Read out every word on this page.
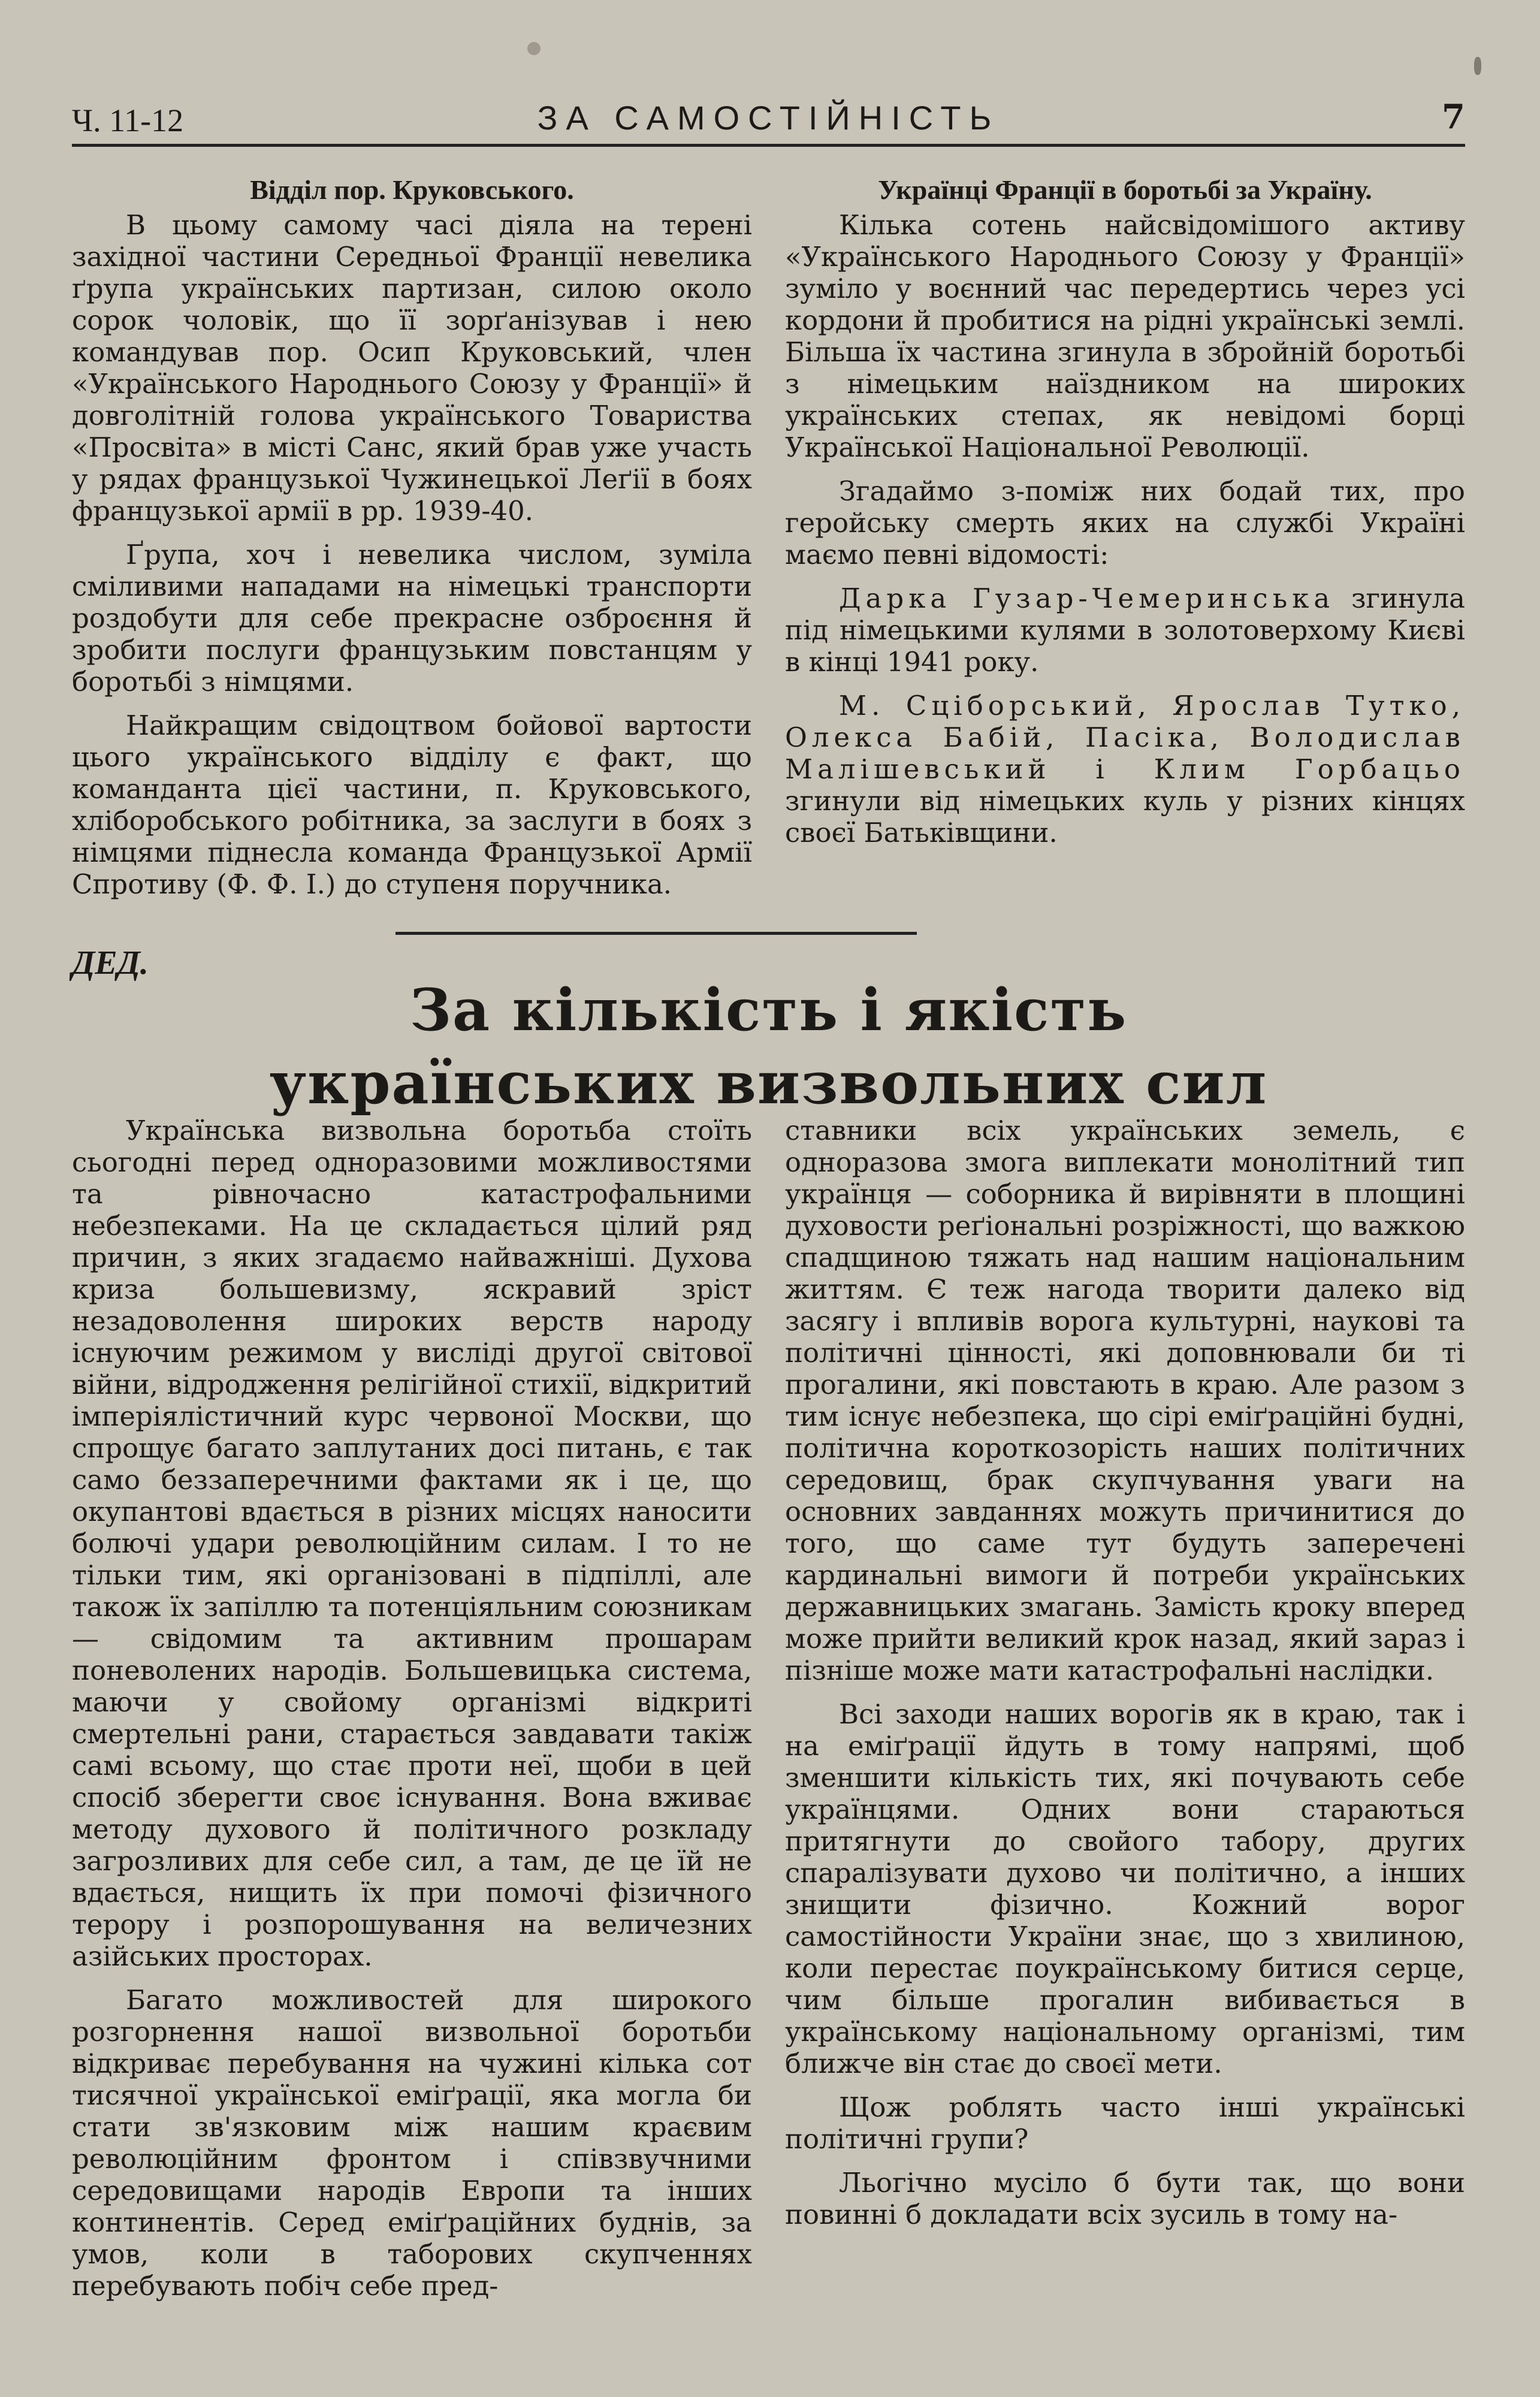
Ч. 11-12	ЗА САМОСТІЙНІСТЬ	7
Відділ пор. Круковського.

В цьому самому часі діяла на терені західної частини Середньої Франції невелика ґрупа українських партизан, силою около сорок чоловік, що її зорґанізував і нею командував пор. Осип Круковський, член «Українського Народнього Союзу у Франції» й довголітній голова українського Товариства «Просвіта» в місті Санс, який брав уже участь у рядах французької Чужинецької Леґії в боях французької армії в рр. 1939-40.

Ґрупа, хоч і невелика числом, зуміла сміливими нападами на німецькі транспорти роздобути для себе прекрасне озброєння й зробити послуги французьким повстанцям у боротьбі з німцями.

Найкращим свідоцтвом бойової вартости цього українського відділу є факт, що команданта цієї частини, п. Круковського, хліборобського робітника, за заслуги в боях з німцями піднесла команда Французької Армії Спротиву (Ф. Ф. І.) до ступеня поручника.

Українці Франції в боротьбі за Україну.

Кілька сотень найсвідомішого активу «Українського Народнього Союзу у Франції» зуміло у воєнний час передертись через усі кордони й пробитися на рідні українські землі. Більша їх частина згинула в збройній боротьбі з німецьким наїздником на широких українських степах, як невідомі борці Української Національної Революції.

Згадаймо з-поміж них бодай тих, про геройську смерть яких на службі Україні маємо певні відомості:

Дарка Гузар-Чемеринська згинула під німецькими кулями в золотоверхому Києві в кінці 1941 року.

М. Сціборський, Ярослав Тутко, Олекса Бабій, Пасіка, Володислав Малішевський і Клим Горбацьо згинули від німецьких куль у різних кінцях своєї Батьківщини.

ДЕД.
За кількість і якість
українських визвольних сил

Українська визвольна боротьба стоїть сьогодні перед одноразовими можливостями та рівночасно катастрофальними небезпеками. На це складається цілий ряд причин, з яких згадаємо найважніші. Духова криза большевизму, яскравий зріст незадоволення широких верств народу існуючим режимом у висліді другої світової війни, відродження релігійної стихії, відкритий імперіялістичний курс червоної Москви, що спрощує багато заплутаних досі питань, є так само беззаперечними фактами як і це, що окупантові вдається в різних місцях наносити болючі удари революційним силам. І то не тільки тим, які організовані в підпіллі, але також їх запіллю та потенціяльним союзникам — свідомим та активним прошарам поневолених народів. Большевицька система, маючи у свойому організмі відкриті смертельні рани, старається завдавати такіж самі всьому, що стає проти неї, щоби в цей спосіб зберегти своє існування. Вона вживає методу духового й політичного розкладу загрозливих для себе сил, а там, де це їй не вдається, нищить їх при помочі фізичного терору і розпорошування на величезних азійських просторах.

Багато можливостей для широкого розгорнення нашої визвольної боротьби відкриває перебування на чужині кілька сот тисячної української еміґрації, яка могла би стати зв'язковим між нашим краєвим революційним фронтом і співзвучними середовищами народів Европи та інших континентів. Серед еміґраційних буднів, за умов, коли в таборових скупченнях перебувають побіч себе пред-

ставники всіх українських земель, є одноразова змога виплекати монолітний тип українця — соборника й вирівняти в площині духовости реґіональні розріжності, що важкою спадщиною тяжать над нашим національним життям. Є теж нагода творити далеко від засягу і впливів ворога культурні, наукові та політичні цінності, які доповнювали би ті прогалини, які повстають в краю. Але разом з тим існує небезпека, що сірі еміґраційні будні, політична короткозорість наших політичних середовищ, брак скупчування уваги на основних завданнях можуть причинитися до того, що саме тут будуть заперечені кардинальні вимоги й потреби українських державницьких змагань. Замість кроку вперед може прийти великий крок назад, який зараз і пізніше може мати катастрофальні наслідки.

Всі заходи наших ворогів як в краю, так і на еміґрації йдуть в тому напрямі, щоб зменшити кількість тих, які почувають себе українцями. Одних вони стараються притягнути до свойого табору, других спаралізувати духово чи політично, а інших знищити фізично. Кожний ворог самостійности України знає, що з хвилиною, коли перестає поукраїнському битися серце, чим більше прогалин вибивається в українському національному організмі, тим ближче він стає до своєї мети.

Щож роблять часто інші українські політичні групи?

Льогічно мусіло б бути так, що вони повинні б докладати всіх зусиль в тому на-
